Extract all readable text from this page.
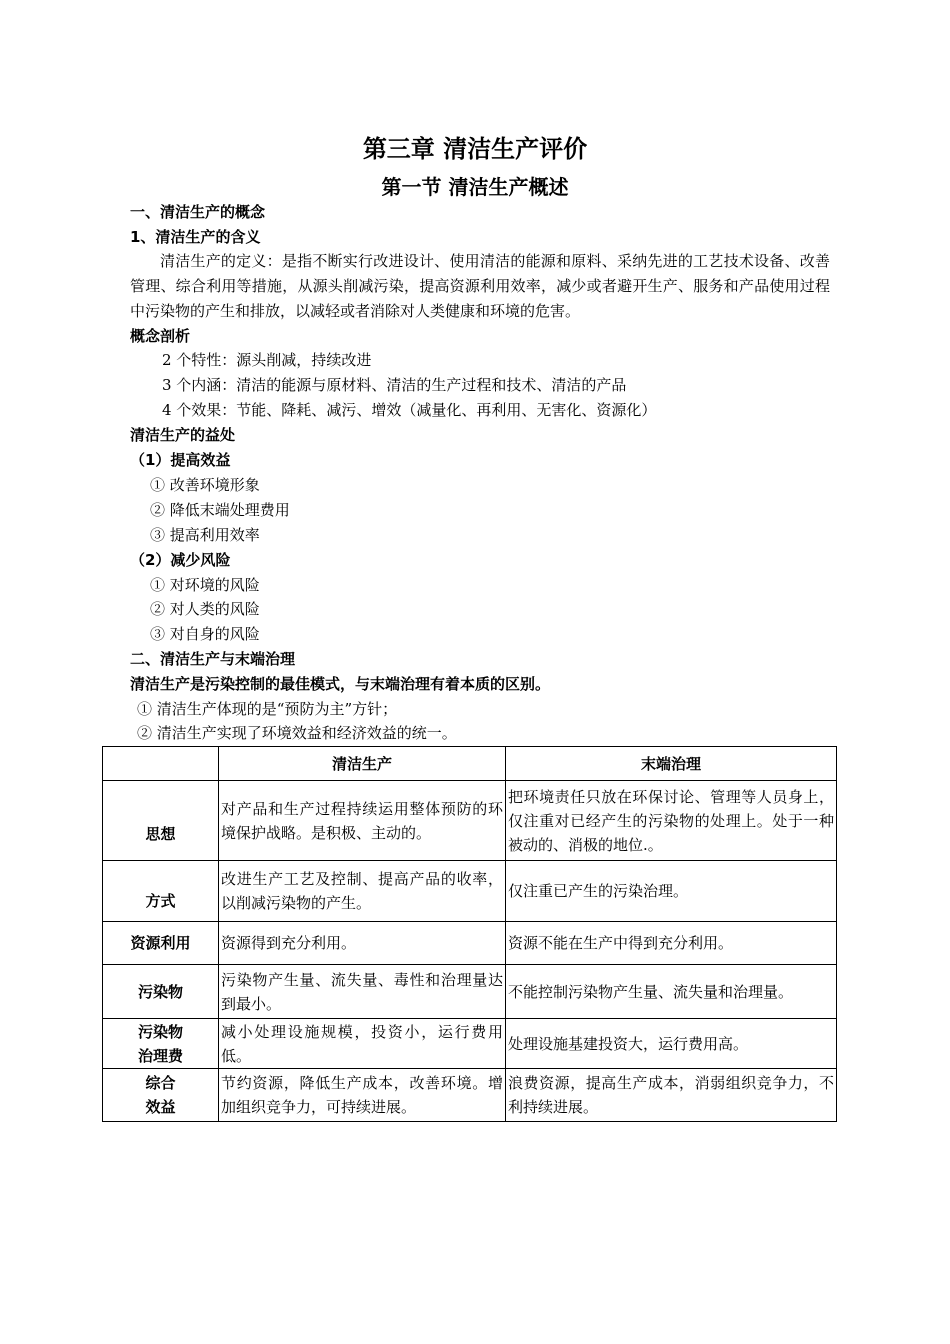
第三章 清洁生产评价
第一节 清洁生产概述
一、清洁生产的概念
1、清洁生产的含义
清洁生产的定义：是指不断实行改进设计、使用清洁的能源和原料、采纳先进的工艺技术设备、改善管理、综合利用等措施，从源头削减污染，提高资源利用效率，减少或者避开生产、服务和产品使用过程中污染物的产生和排放，以减轻或者消除对人类健康和环境的危害。
概念剖析
2 个特性：源头削减，持续改进
3 个内涵：清洁的能源与原材料、清洁的生产过程和技术、清洁的产品
4 个效果：节能、降耗、减污、增效（减量化、再利用、无害化、资源化）
清洁生产的益处
（1）提高效益
① 改善环境形象
② 降低末端处理费用
③ 提高利用效率
（2）减少风险
① 对环境的风险
② 对人类的风险
③ 对自身的风险
二、清洁生产与末端治理
清洁生产是污染控制的最佳模式，与末端治理有着本质的区别。
① 清洁生产体现的是“预防为主”方针；
② 清洁生产实现了环境效益和经济效益的统一。
	清洁生产	末端治理
思想	对产品和生产过程持续运用整体预防的环境保护战略。是积极、主动的。	把环境责任只放在环保讨论、管理等人员身上，仅注重对已经产生的污染物的处理上。处于一种被动的、消极的地位.。
方式	改进生产工艺及控制、提高产品的收率，以削减污染物的产生。	仅注重已产生的污染治理。
资源利用	资源得到充分利用。	资源不能在生产中得到充分利用。
污染物	污染物产生量、流失量、毒性和治理量达到最小。	不能控制污染物产生量、流失量和治理量。
污染物
治理费	减小处理设施规模，投资小，运行费用低。	处理设施基建投资大，运行费用高。
综合
效益	节约资源，降低生产成本，改善环境。增加组织竞争力，可持续进展。	浪费资源，提高生产成本，消弱组织竞争力，不利持续进展。
